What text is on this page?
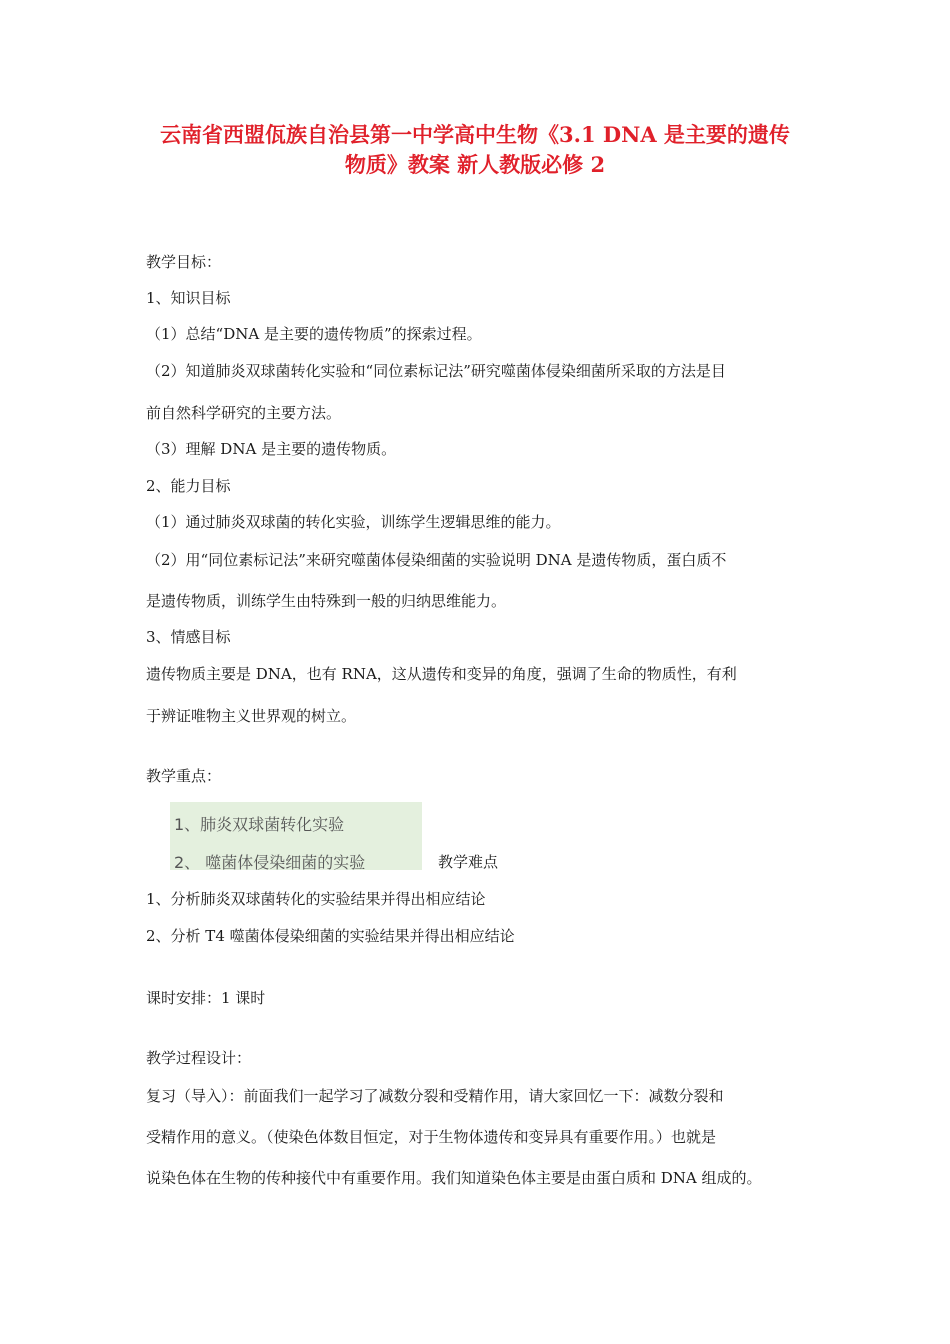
云南省西盟佤族自治县第一中学高中生物《3.1 DNA 是主要的遗传
物质》教案 新人教版必修 2
教学目标：
1、知识目标
（1）总结“DNA 是主要的遗传物质”的探索过程。
（2）知道肺炎双球菌转化实验和“同位素标记法”研究噬菌体侵染细菌所采取的方法是目
前自然科学研究的主要方法。
（3）理解 DNA 是主要的遗传物质。
2、能力目标
（1）通过肺炎双球菌的转化实验，训练学生逻辑思维的能力。
（2）用“同位素标记法”来研究噬菌体侵染细菌的实验说明 DNA 是遗传物质，蛋白质不
是遗传物质，训练学生由特殊到一般的归纳思维能力。
3、情感目标
遗传物质主要是 DNA，也有 RNA，这从遗传和变异的角度，强调了生命的物质性，有利
于辨证唯物主义世界观的树立。
教学重点：
1、肺炎双球菌转化实验
2、 噬菌体侵染细菌的实验	教学难点
1、分析肺炎双球菌转化的实验结果并得出相应结论
2、分析 T4 噬菌体侵染细菌的实验结果并得出相应结论
课时安排：1 课时
教学过程设计：
复习（导入）：前面我们一起学习了减数分裂和受精作用，请大家回忆一下：减数分裂和
受精作用的意义。（使染色体数目恒定，对于生物体遗传和变异具有重要作用。）也就是
说染色体在生物的传种接代中有重要作用。我们知道染色体主要是由蛋白质和 DNA 组成的。
